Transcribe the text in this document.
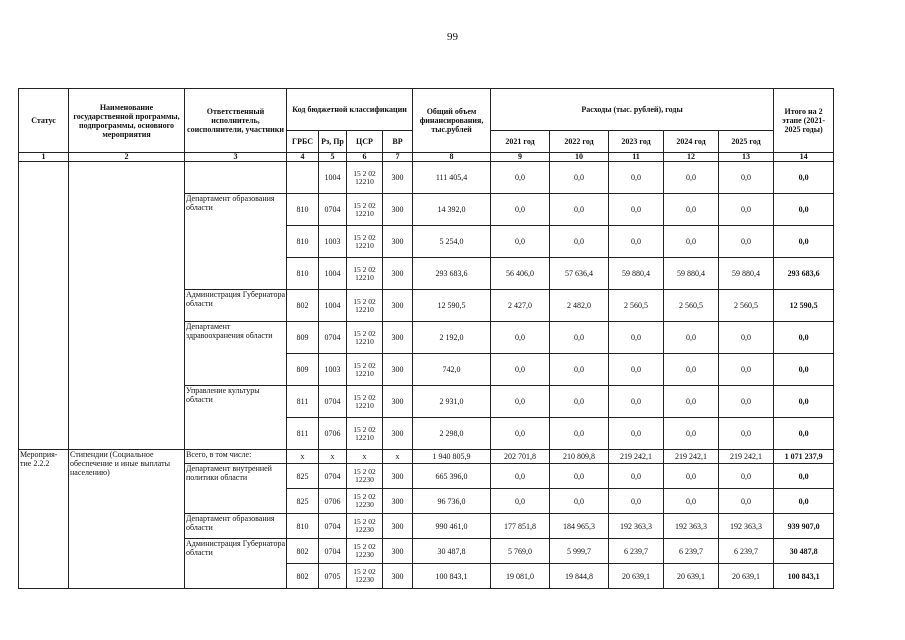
99
Статус	Наименование государственной программы, подпрограммы, основного мероприятия	Ответственный исполнитель, соисполнители, участники	Код бюджетной классификации				Общий объем финансирования, тыс.рублей	Расходы (тыс. рублей), годы					Итого на 2 этапе (2021-2025 годы)
			ГРБС	Рз, Пр	ЦСР	ВР		2021 год	2022 год	2023 год	2024 год	2025 год	
1	2	3	4	5	6	7	8	9	10	11	12	13	14
				1004	15 2 02 12210	300	111 405,4	0,0	0,0	0,0	0,0	0,0	0,0
		Департамент образования области	810	0704	15 2 02 12210	300	14 392,0	0,0	0,0	0,0	0,0	0,0	0,0
			810	1003	15 2 02 12210	300	5 254,0	0,0	0,0	0,0	0,0	0,0	0,0
			810	1004	15 2 02 12210	300	293 683,6	56 406,0	57 636,4	59 880,4	59 880,4	59 880,4	293 683,6
		Администрация Губернатора области	802	1004	15 2 02 12210	300	12 590,5	2 427,0	2 482,0	2 560,5	2 560,5	2 560,5	12 590,5
		Департамент здравоохранения области	809	0704	15 2 02 12210	300	2 192,0	0,0	0,0	0,0	0,0	0,0	0,0
			809	1003	15 2 02 12210	300	742,0	0,0	0,0	0,0	0,0	0,0	0,0
		Управление культуры области	811	0704	15 2 02 12210	300	2 931,0	0,0	0,0	0,0	0,0	0,0	0,0
			811	0706	15 2 02 12210	300	2 298,0	0,0	0,0	0,0	0,0	0,0	0,0
Мероприя-тие 2.2.2	Стипендии (Социальное обеспечение и иные выплаты населению)	Всего, в том числе:	x	x	x	x	1 940 805,9	202 701,8	210 809,8	219 242,1	219 242,1	219 242,1	1 071 237,9
		Департамент внутренней политики области	825	0704	15 2 02 12230	300	665 396,0	0,0	0,0	0,0	0,0	0,0	0,0
			825	0706	15 2 02 12230	300	96 736,0	0,0	0,0	0,0	0,0	0,0	0,0
		Департамент образования области	810	0704	15 2 02 12230	300	990 461,0	177 851,8	184 965,3	192 363,3	192 363,3	192 363,3	939 907,0
		Администрация Губернатора области	802	0704	15 2 02 12230	300	30 487,8	5 769,0	5 999,7	6 239,7	6 239,7	6 239,7	30 487,8
			802	0705	15 2 02 12230	300	100 843,1	19 081,0	19 844,8	20 639,1	20 639,1	20 639,1	100 843,1
